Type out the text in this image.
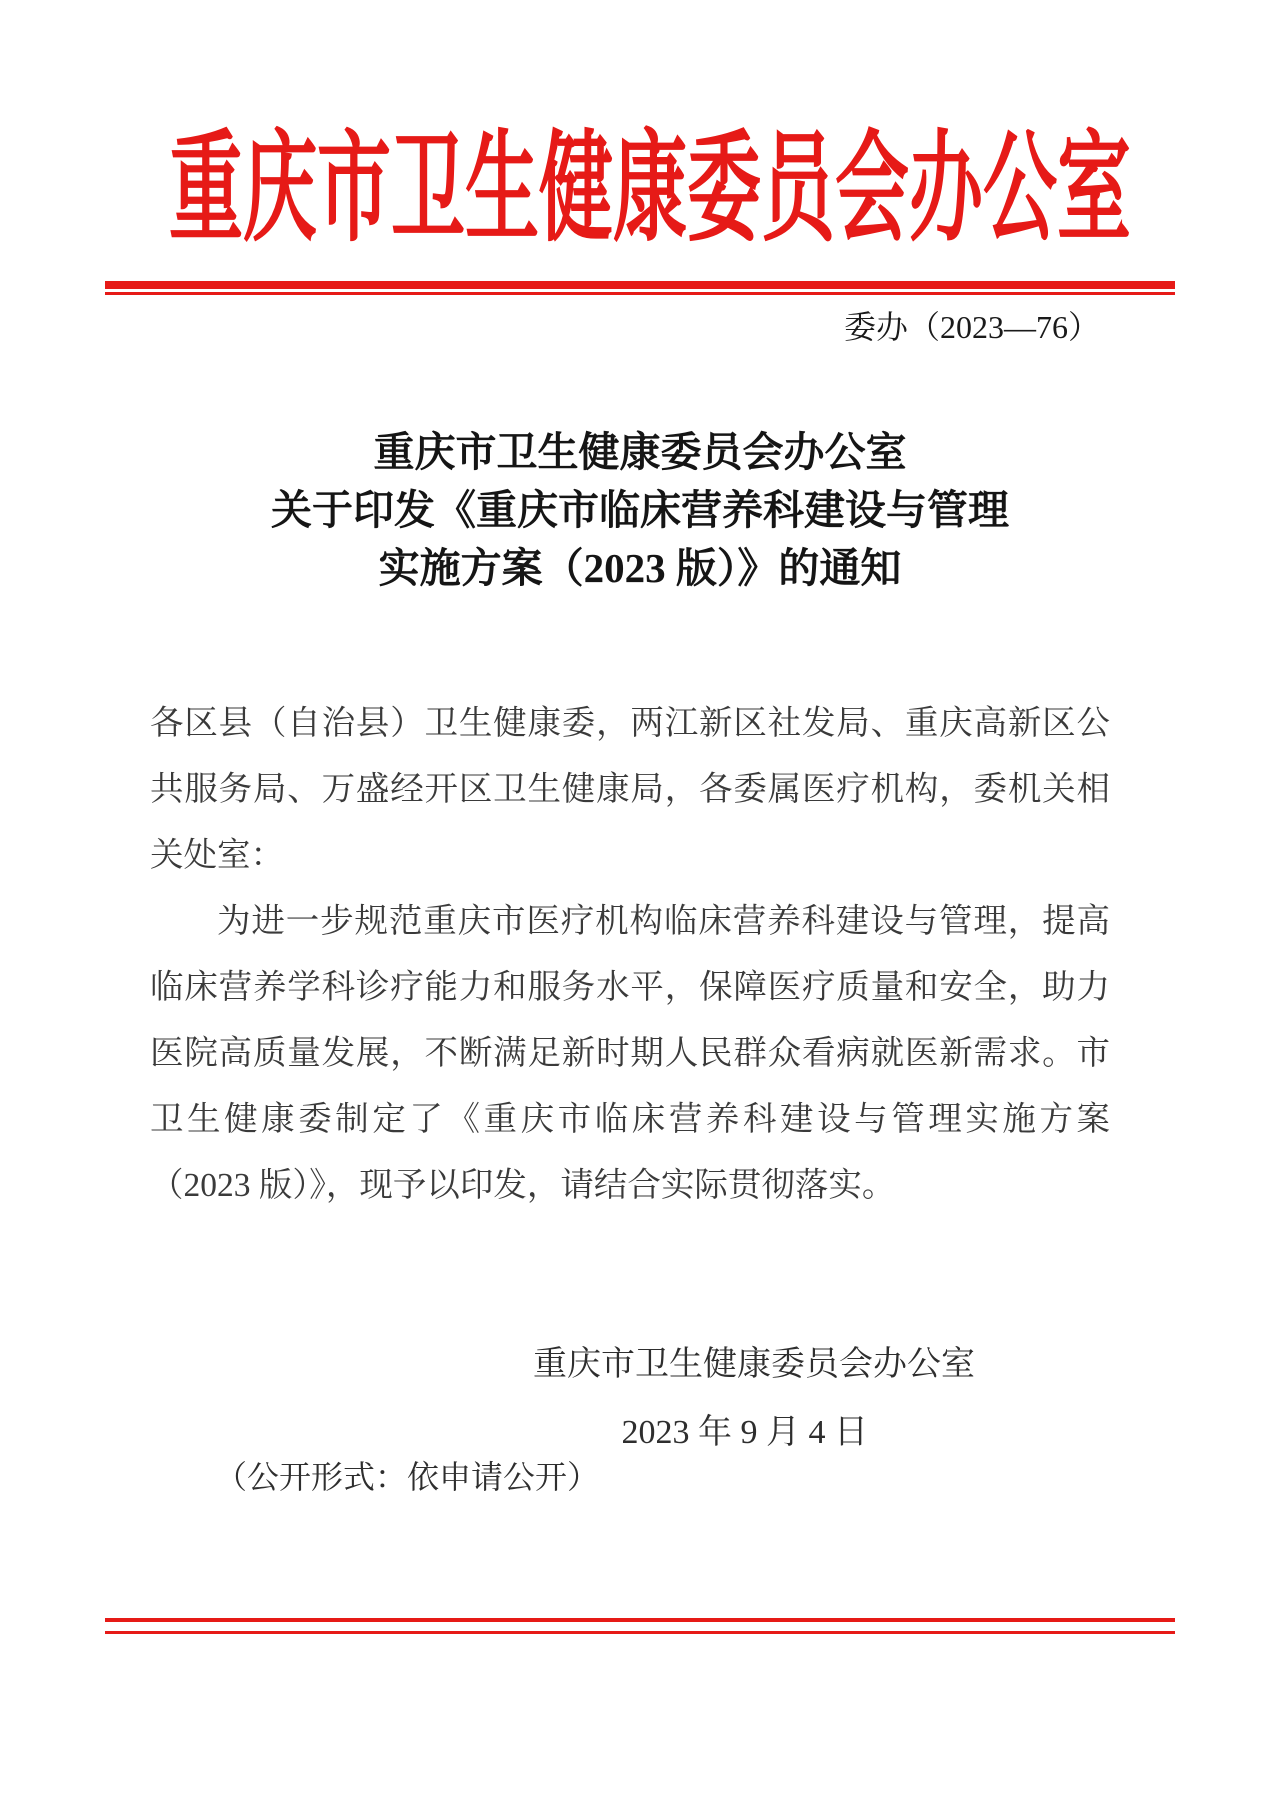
重庆市卫生健康委员会办公室
委办（2023—76）
重庆市卫生健康委员会办公室
关于印发《重庆市临床营养科建设与管理
实施方案（2023 版）》的通知

各区县（自治县）卫生健康委，两江新区社发局、重庆高新区公共服务局、万盛经开区卫生健康局，各委属医疗机构，委机关相关处室：

为进一步规范重庆市医疗机构临床营养科建设与管理，提高临床营养学科诊疗能力和服务水平，保障医疗质量和安全，助力医院高质量发展，不断满足新时期人民群众看病就医新需求。市卫生健康委制定了《重庆市临床营养科建设与管理实施方案（2023 版）》，现予以印发，请结合实际贯彻落实。

重庆市卫生健康委员会办公室
2023 年 9 月 4 日
（公开形式：依申请公开）
